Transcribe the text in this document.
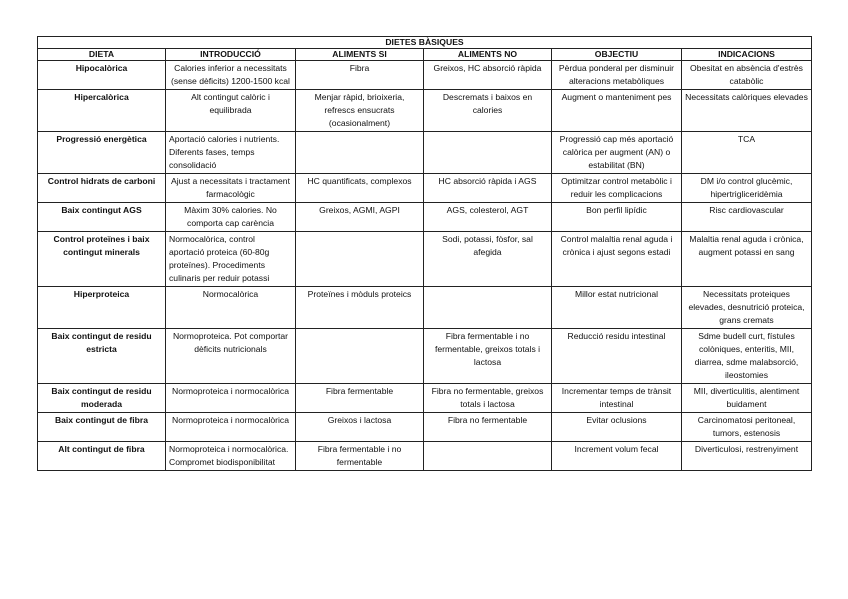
DIETES BÀSIQUES					
DIETA	INTRODUCCIÓ	ALIMENTS SI	ALIMENTS NO	OBJECTIU	INDICACIONS
Hipocalòrica	Calories inferior a necessitats (sense dèficits) 1200-1500 kcal	Fibra	Greixos, HC absorció ràpida	Pèrdua ponderal per disminuir alteracions metabòliques	Obesitat en absència d'estrès catabòlic
Hipercalòrica	Alt contingut calòric i equilibrada	Menjar ràpid, brioixeria, refrescs ensucrats (ocasionalment)	Descremats i baixos en calories	Augment o manteniment pes	Necessitats calòriques elevades
Progressió energètica	Aportació calories i nutrients. Diferents fases, temps consolidació			Progressió cap més aportació calòrica per augment (AN) o estabilitat (BN)	TCA
Control hidrats de carboni	Ajust a necessitats i tractament farmacològic	HC quantificats, complexos	HC absorció ràpida i AGS	Optimitzar control metabòlic i reduir les complicacions	DM i/o control glucèmic, hipertrigliceridèmia
Baix contingut AGS	Màxim 30% calories. No comporta cap carència	Greixos, AGMI, AGPI	AGS, colesterol, AGT	Bon perfil lipídic	Risc cardiovascular
Control proteïnes i baix contingut minerals	Normocalòrica, control aportació proteica (60-80g proteïnes). Procediments culinaris per reduir potassi		Sodi, potassi, fòsfor, sal afegida	Control malaltia renal aguda i crònica i ajust segons estadi	Malaltia renal aguda i crònica, augment potassi en sang
Hiperproteica	Normocalòrica	Proteïnes i mòduls proteics		Millor estat nutricional	Necessitats proteiques elevades, desnutrició proteica, grans cremats
Baix contingut de residu estricta	Normoproteica. Pot comportar dèficits nutricionals		Fibra fermentable i no fermentable, greixos totals i lactosa	Reducció residu intestinal	Sdme budell curt, fístules colòniques, enteritis, MII, diarrea, sdme malabsorció, ileostomies
Baix contingut de residu moderada	Normoproteica i normocalòrica	Fibra fermentable	Fibra no fermentable, greixos totals i lactosa	Incrementar temps de trànsit intestinal	MII, diverticulitis, alentiment buidament
Baix contingut de fibra	Normoproteica i normocalòrica	Greixos i lactosa	Fibra no fermentable	Evitar oclusions	Carcinomatosi peritoneal, tumors, estenosis
Alt contingut de fibra	Normoproteica i normocalòrica. Compromet biodisponibilitat	Fibra fermentable i no fermentable		Increment volum fecal	Diverticulosi, restrenyiment
